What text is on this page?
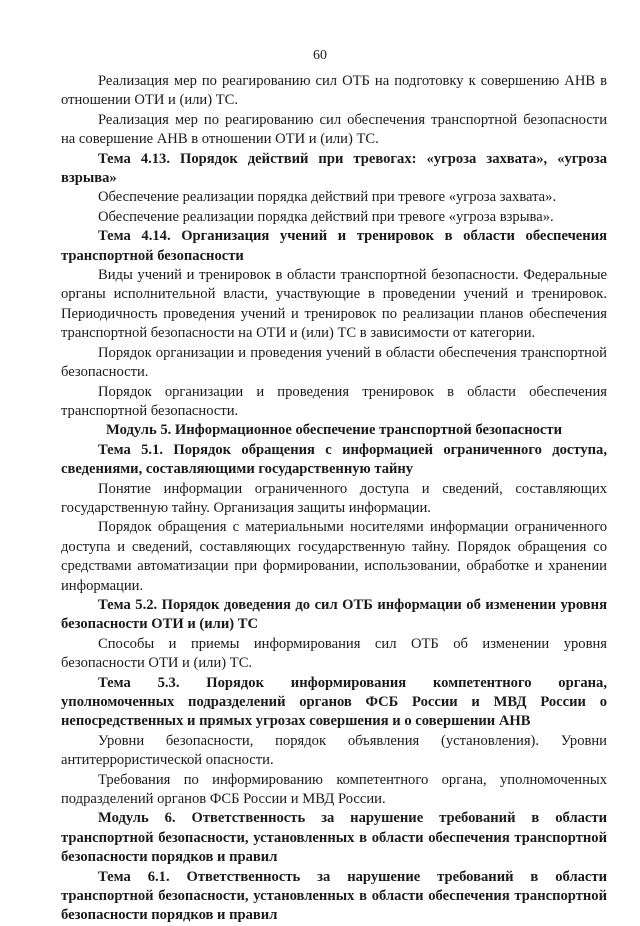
60

Реализация мер по реагированию сил ОТБ на подготовку к совершению АНВ в отношении ОТИ и (или) ТС.

Реализация мер по реагированию сил обеспечения транспортной безопасности на совершение АНВ в отношении ОТИ и (или) ТС.

Тема 4.13. Порядок действий при тревогах: «угроза захвата», «угроза взрыва»

Обеспечение реализации порядка действий при тревоге «угроза захвата».

Обеспечение реализации порядка действий при тревоге «угроза взрыва».

Тема 4.14. Организация учений и тренировок в области обеспечения транспортной безопасности

Виды учений и тренировок в области транспортной безопасности. Федеральные органы исполнительной власти, участвующие в проведении учений и тренировок. Периодичность проведения учений и тренировок по реализации планов обеспечения транспортной безопасности на ОТИ и (или) ТС в зависимости от категории.

Порядок организации и проведения учений в области обеспечения транспортной безопасности.

Порядок организации и проведения тренировок в области обеспечения транспортной безопасности.

Модуль 5. Информационное обеспечение транспортной безопасности

Тема 5.1. Порядок обращения с информацией ограниченного доступа, сведениями, составляющими государственную тайну

Понятие информации ограниченного доступа и сведений, составляющих государственную тайну. Организация защиты информации.

Порядок обращения с материальными носителями информации ограниченного доступа и сведений, составляющих государственную тайну. Порядок обращения со средствами автоматизации при формировании, использовании, обработке и хранении информации.

Тема 5.2. Порядок доведения до сил ОТБ информации об изменении уровня безопасности ОТИ и (или) ТС

Способы и приемы информирования сил ОТБ об изменении уровня безопасности ОТИ и (или) ТС.

Тема 5.3. Порядок информирования компетентного органа, уполномоченных подразделений органов ФСБ России и МВД России о непосредственных и прямых угрозах совершения и о совершении АНВ

Уровни безопасности, порядок объявления (установления). Уровни антитеррористической опасности.

Требования по информированию компетентного органа, уполномоченных подразделений органов ФСБ России и МВД России.

Модуль 6. Ответственность за нарушение требований в области транспортной безопасности, установленных в области обеспечения транспортной безопасности порядков и правил

Тема 6.1. Ответственность за нарушение требований в области транспортной безопасности, установленных в области обеспечения транспортной безопасности порядков и правил
